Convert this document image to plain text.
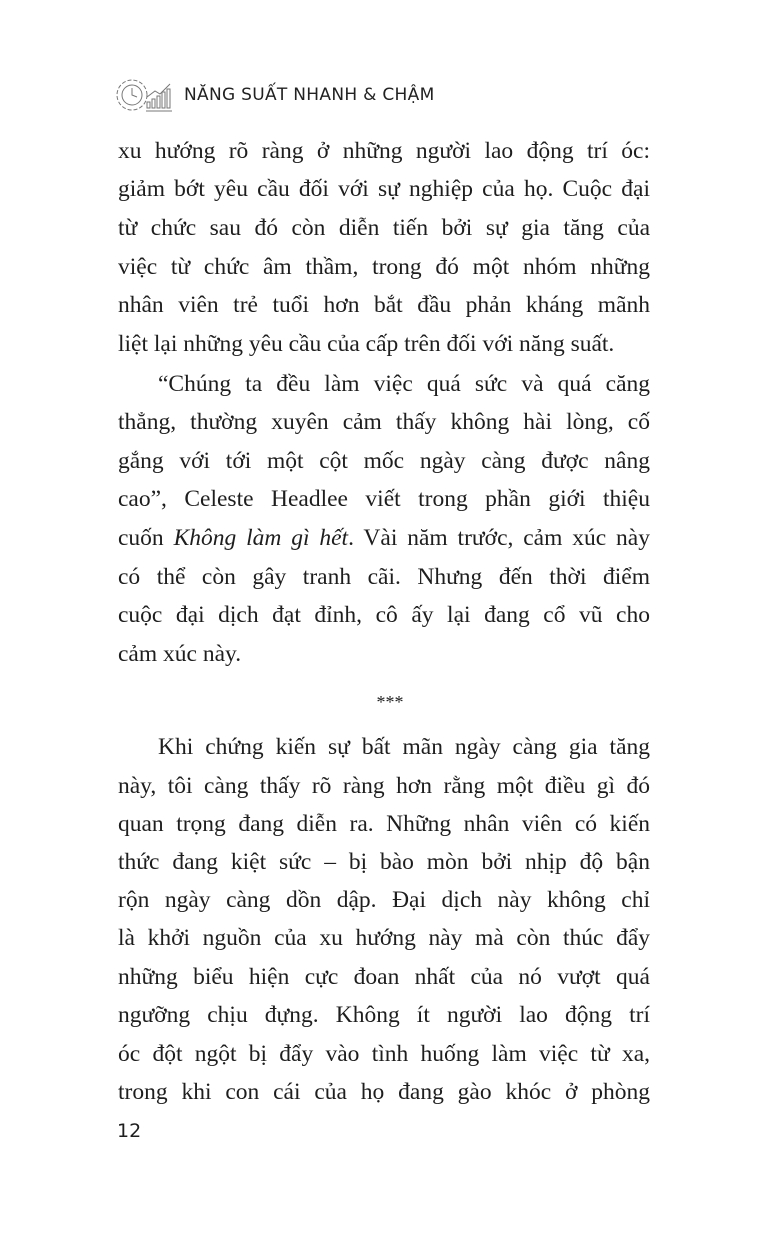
NĂNG SUẤT NHANH & CHẬM
xu hướng rõ ràng ở những người lao động trí óc:
giảm bớt yêu cầu đối với sự nghiệp của họ. Cuộc đại
từ chức sau đó còn diễn tiến bởi sự gia tăng của
việc từ chức âm thầm, trong đó một nhóm những
nhân viên trẻ tuổi hơn bắt đầu phản kháng mãnh
liệt lại những yêu cầu của cấp trên đối với năng suất.
“Chúng ta đều làm việc quá sức và quá căng
thẳng, thường xuyên cảm thấy không hài lòng, cố
gắng với tới một cột mốc ngày càng được nâng
cao”, Celeste Headlee viết trong phần giới thiệu
cuốn Không làm gì hết. Vài năm trước, cảm xúc này
có thể còn gây tranh cãi. Nhưng đến thời điểm
cuộc đại dịch đạt đỉnh, cô ấy lại đang cổ vũ cho
cảm xúc này.
Khi chứng kiến sự bất mãn ngày càng gia tăng
này, tôi càng thấy rõ ràng hơn rằng một điều gì đó
quan trọng đang diễn ra. Những nhân viên có kiến
thức đang kiệt sức – bị bào mòn bởi nhịp độ bận
rộn ngày càng dồn dập. Đại dịch này không chỉ
là khởi nguồn của xu hướng này mà còn thúc đẩy
những biểu hiện cực đoan nhất của nó vượt quá
ngưỡng chịu đựng. Không ít người lao động trí
óc đột ngột bị đẩy vào tình huống làm việc từ xa,
trong khi con cái của họ đang gào khóc ở phòng
***
12
